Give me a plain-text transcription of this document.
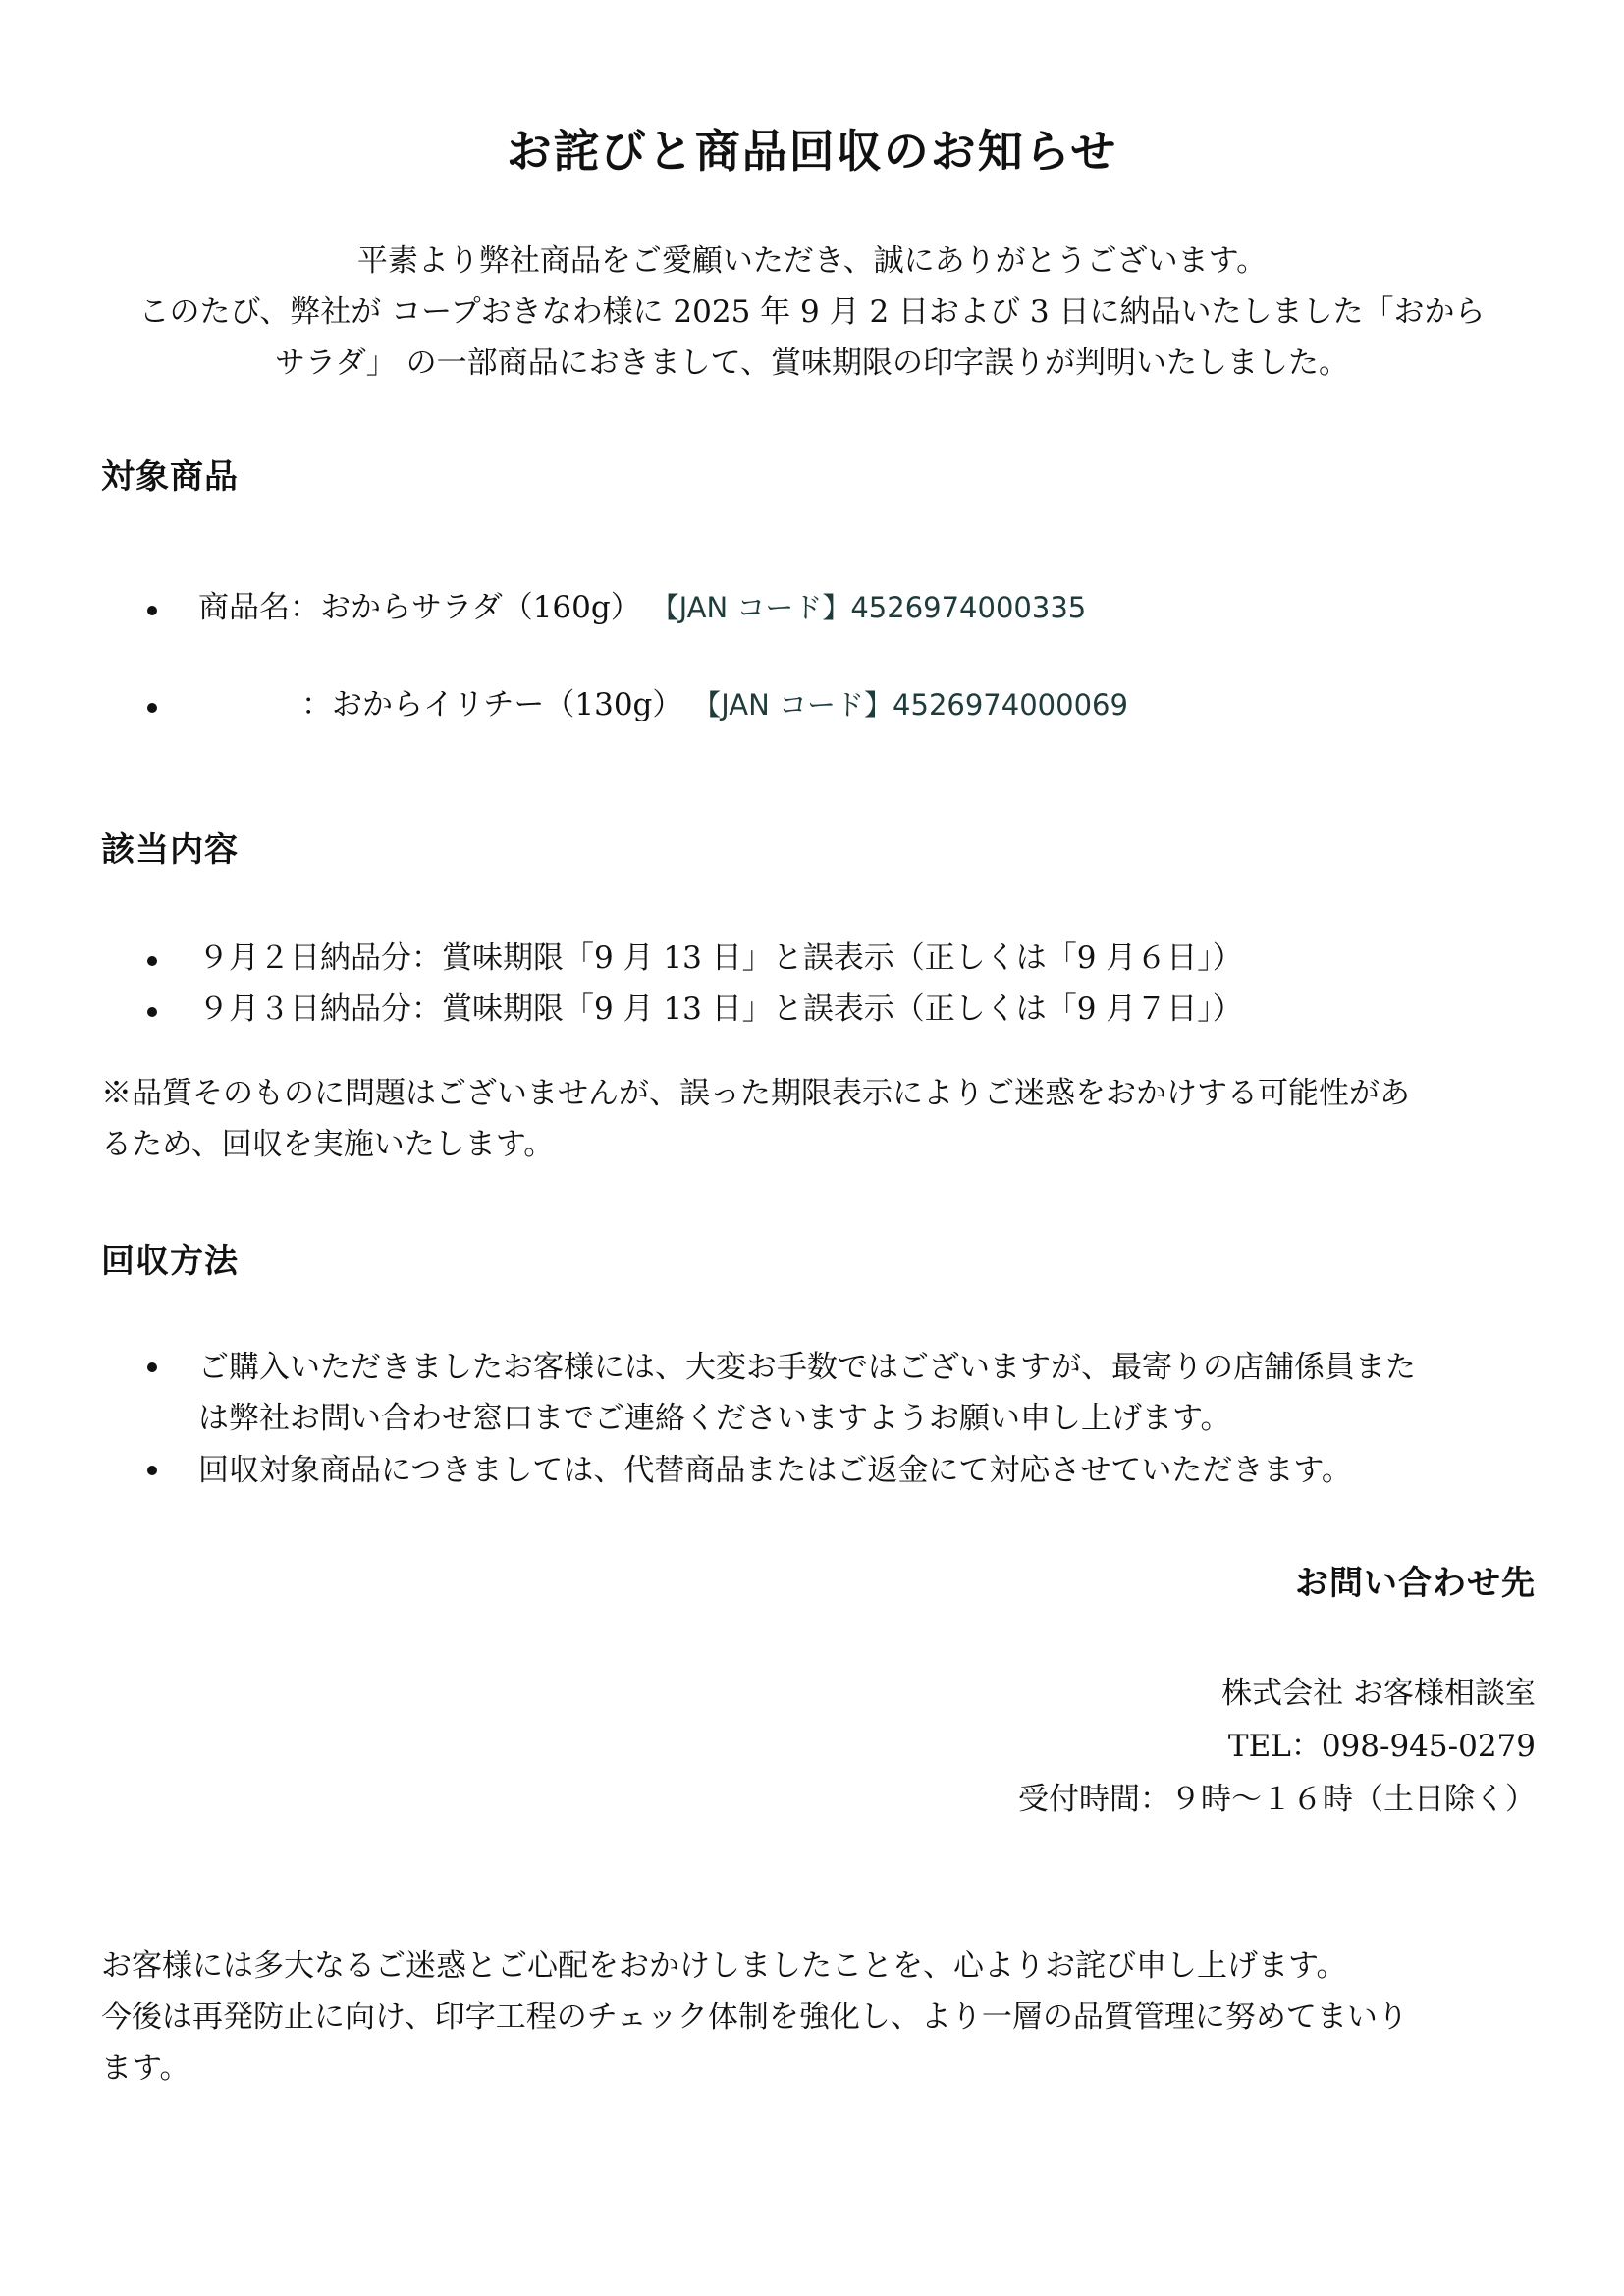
お詫びと商品回収のお知らせ
平素より弊社商品をご愛顧いただき、誠にありがとうございます。
このたび、弊社が コープおきなわ様に 2025 年 9 月 2 日および 3 日に納品いたしました「おから
サラダ」 の一部商品におきまして、賞味期限の印字誤りが判明いたしました。
対象商品
商品名：おからサラダ（160g） 【JAN コード】4526974000335
：おからイリチー（130g） 【JAN コード】4526974000069
該当内容
９月２日納品分：賞味期限「9 月 13 日」と誤表示（正しくは「9 月６日」）
９月３日納品分：賞味期限「9 月 13 日」と誤表示（正しくは「9 月７日」）
※品質そのものに問題はございませんが、誤った期限表示によりご迷惑をおかけする可能性があ
るため、回収を実施いたします。
回収方法
ご購入いただきましたお客様には、大変お手数ではございますが、最寄りの店舗係員また
は弊社お問い合わせ窓口までご連絡くださいますようお願い申し上げます。
回収対象商品につきましては、代替商品またはご返金にて対応させていただきます。
お問い合わせ先
株式会社 お客様相談室
TEL：098-945-0279
受付時間：９時～１６時（土日除く）
お客様には多大なるご迷惑とご心配をおかけしましたことを、心よりお詫び申し上げます。
今後は再発防止に向け、印字工程のチェック体制を強化し、より一層の品質管理に努めてまいり
ます。
